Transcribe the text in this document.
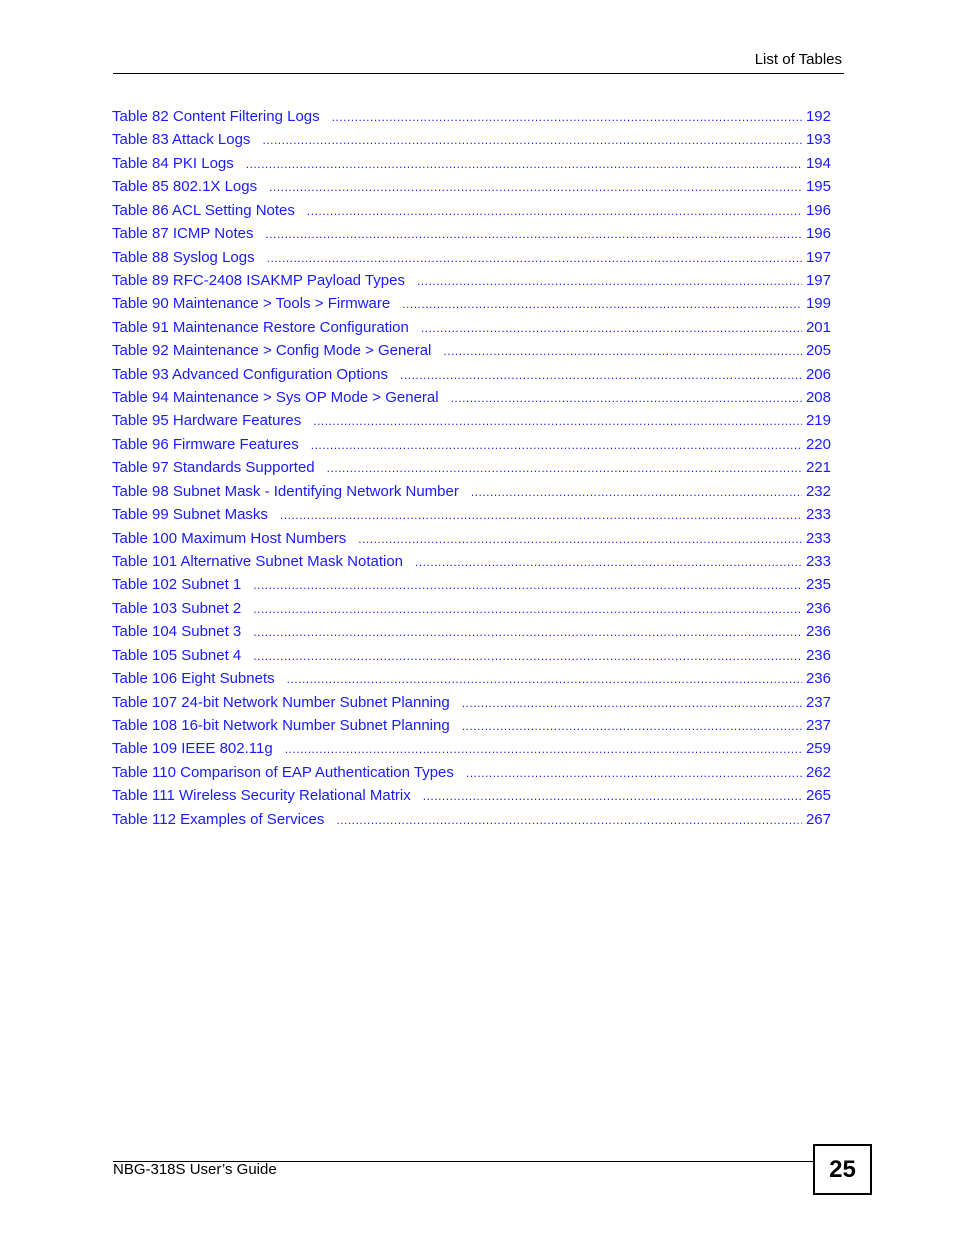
List of Tables
Table 82 Content Filtering Logs .....	192
Table 83 Attack Logs .....	193
Table 84 PKI Logs .....	194
Table 85 802.1X Logs .....	195
Table 86 ACL Setting Notes .....	196
Table 87 ICMP Notes .....	196
Table 88 Syslog Logs .....	197
Table 89 RFC-2408 ISAKMP Payload Types .....	197
Table 90 Maintenance > Tools > Firmware .....	199
Table 91 Maintenance Restore Configuration .....	201
Table 92 Maintenance > Config Mode > General .....	205
Table 93 Advanced Configuration Options .....	206
Table 94 Maintenance > Sys OP Mode > General .....	208
Table 95 Hardware Features .....	219
Table 96 Firmware Features .....	220
Table 97 Standards Supported .....	221
Table 98 Subnet Mask - Identifying Network Number .....	232
Table 99 Subnet Masks .....	233
Table 100 Maximum Host Numbers .....	233
Table 101 Alternative Subnet Mask Notation .....	233
Table 102 Subnet 1 .....	235
Table 103 Subnet 2 .....	236
Table 104 Subnet 3 .....	236
Table 105 Subnet 4 .....	236
Table 106 Eight Subnets .....	236
Table 107 24-bit Network Number Subnet Planning .....	237
Table 108 16-bit Network Number Subnet Planning .....	237
Table 109 IEEE 802.11g .....	259
Table 110 Comparison of EAP Authentication Types .....	262
Table 111 Wireless Security Relational Matrix .....	265
Table 112 Examples of Services .....	267
NBG-318S User’s Guide	25
